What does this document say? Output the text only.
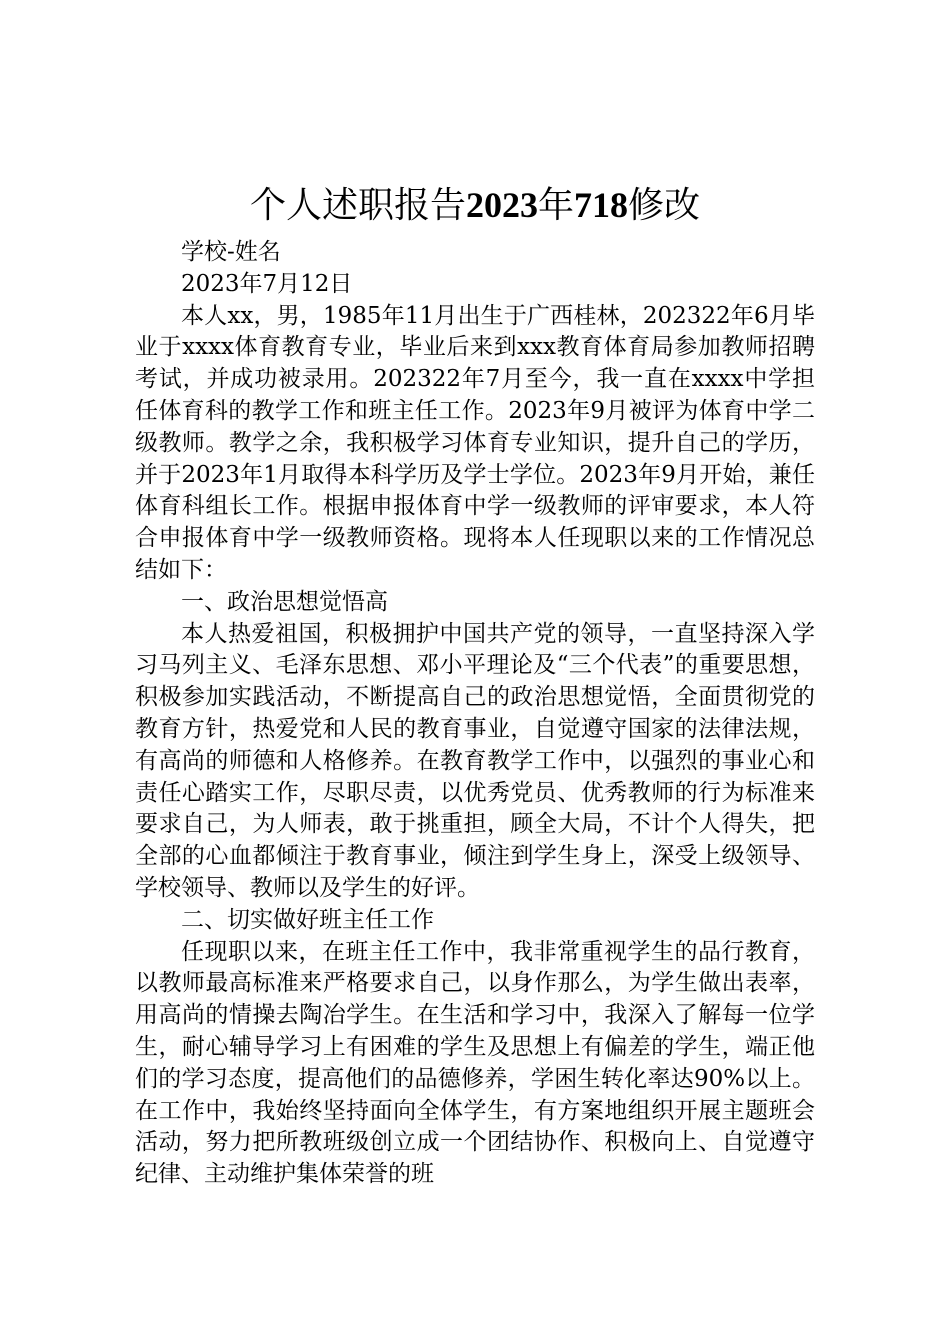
个人述职报告2023年718修改

学校-姓名

2023年7月12日

本人xx，男，1985年11月出生于广西桂林，202322年6月毕业于xxxx体育教育专业，毕业后来到xxx教育体育局参加教师招聘考试，并成功被录用。202322年7月至今，我一直在xxxx中学担任体育科的教学工作和班主任工作。2023年9月被评为体育中学二级教师。教学之余，我积极学习体育专业知识，提升自己的学历，并于2023年1月取得本科学历及学士学位。2023年9月开始，兼任体育科组长工作。根据申报体育中学一级教师的评审要求，本人符合申报体育中学一级教师资格。现将本人任现职以来的工作情况总结如下：

一、政治思想觉悟高

本人热爱祖国，积极拥护中国共产党的领导，一直坚持深入学习马列主义、毛泽东思想、邓小平理论及“三个代表”的重要思想，积极参加实践活动，不断提高自己的政治思想觉悟，全面贯彻党的教育方针，热爱党和人民的教育事业，自觉遵守国家的法律法规，有高尚的师德和人格修养。在教育教学工作中，以强烈的事业心和责任心踏实工作，尽职尽责，以优秀党员、优秀教师的行为标准来要求自己，为人师表，敢于挑重担，顾全大局，不计个人得失，把全部的心血都倾注于教育事业，倾注到学生身上，深受上级领导、学校领导、教师以及学生的好评。

二、切实做好班主任工作

任现职以来，在班主任工作中，我非常重视学生的品行教育，以教师最高标准来严格要求自己，以身作那么，为学生做出表率，用高尚的情操去陶冶学生。在生活和学习中，我深入了解每一位学生，耐心辅导学习上有困难的学生及思想上有偏差的学生，端正他们的学习态度，提高他们的品德修养，学困生转化率达90%以上。在工作中，我始终坚持面向全体学生，有方案地组织开展主题班会活动，努力把所教班级创立成一个团结协作、积极向上、自觉遵守纪律、主动维护集体荣誉的班
